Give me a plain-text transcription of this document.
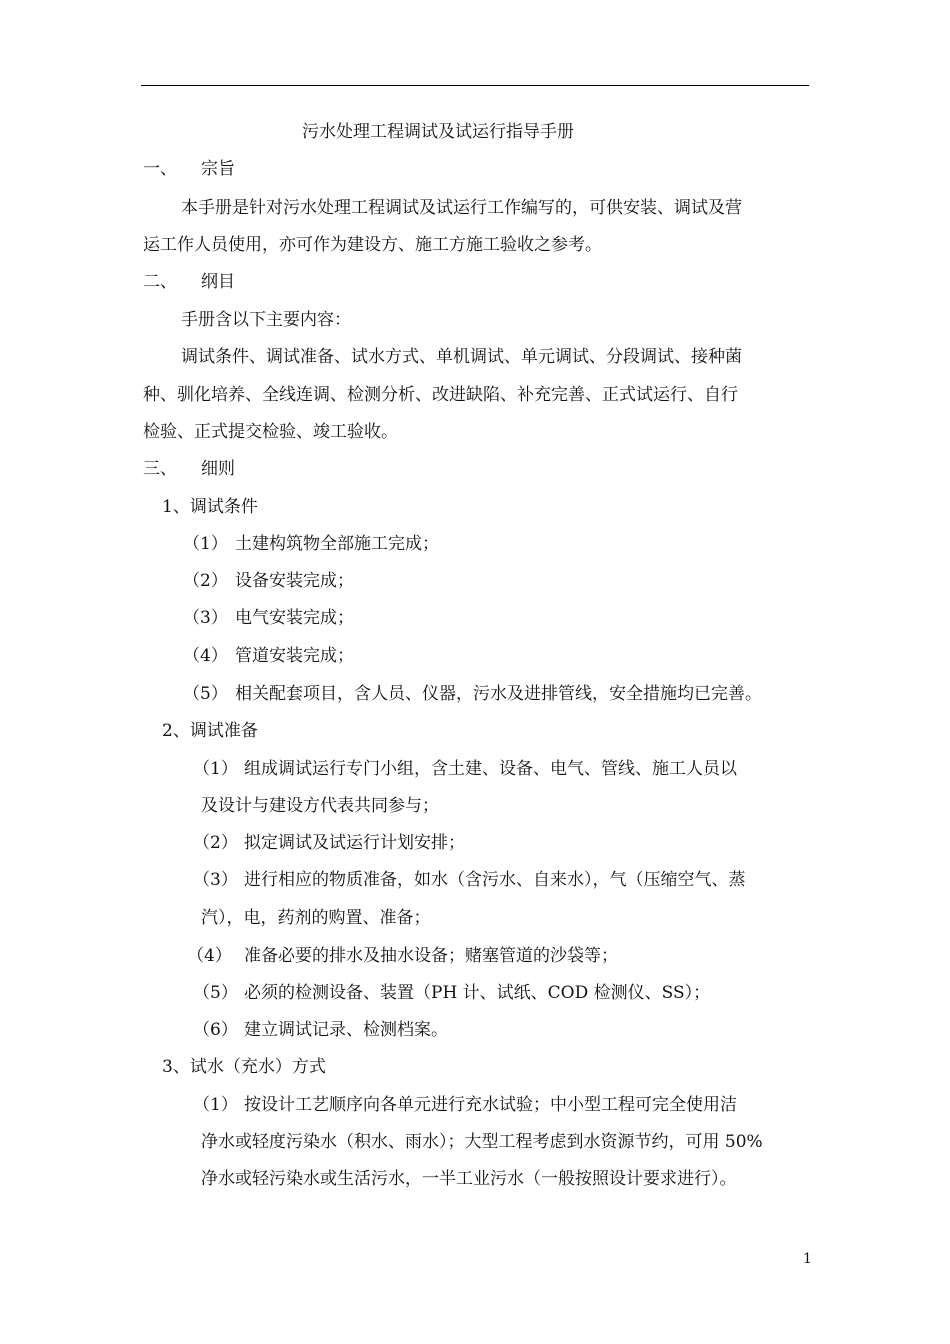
污水处理工程调试及试运行指导手册
一、 宗旨
本手册是针对污水处理工程调试及试运行工作编写的，可供安装、调试及营
运工作人员使用，亦可作为建设方、施工方施工验收之参考。
二、 纲目
手册含以下主要内容：
调试条件、调试准备、试水方式、单机调试、单元调试、分段调试、接种菌
种、驯化培养、全线连调、检测分析、改进缺陷、补充完善、正式试运行、自行
检验、正式提交检验、竣工验收。
三、 细则
1、调试条件
（1） 土建构筑物全部施工完成；
（2） 设备安装完成；
（3） 电气安装完成；
（4） 管道安装完成；
（5） 相关配套项目，含人员、仪器，污水及进排管线，安全措施均已完善。
2、调试准备
（1） 组成调试运行专门小组，含土建、设备、电气、管线、施工人员以
及设计与建设方代表共同参与；
（2） 拟定调试及试运行计划安排；
（3） 进行相应的物质准备，如水（含污水、自来水），气（压缩空气、蒸
汽），电，药剂的购置、准备；
（4） 准备必要的排水及抽水设备；赌塞管道的沙袋等；
（5） 必须的检测设备、装置（PH 计、试纸、COD 检测仪、SS）；
（6） 建立调试记录、检测档案。
3、试水（充水）方式
（1） 按设计工艺顺序向各单元进行充水试验；中小型工程可完全使用洁
净水或轻度污染水（积水、雨水）；大型工程考虑到水资源节约，可用 50%
净水或轻污染水或生活污水，一半工业污水（一般按照设计要求进行）。
1
